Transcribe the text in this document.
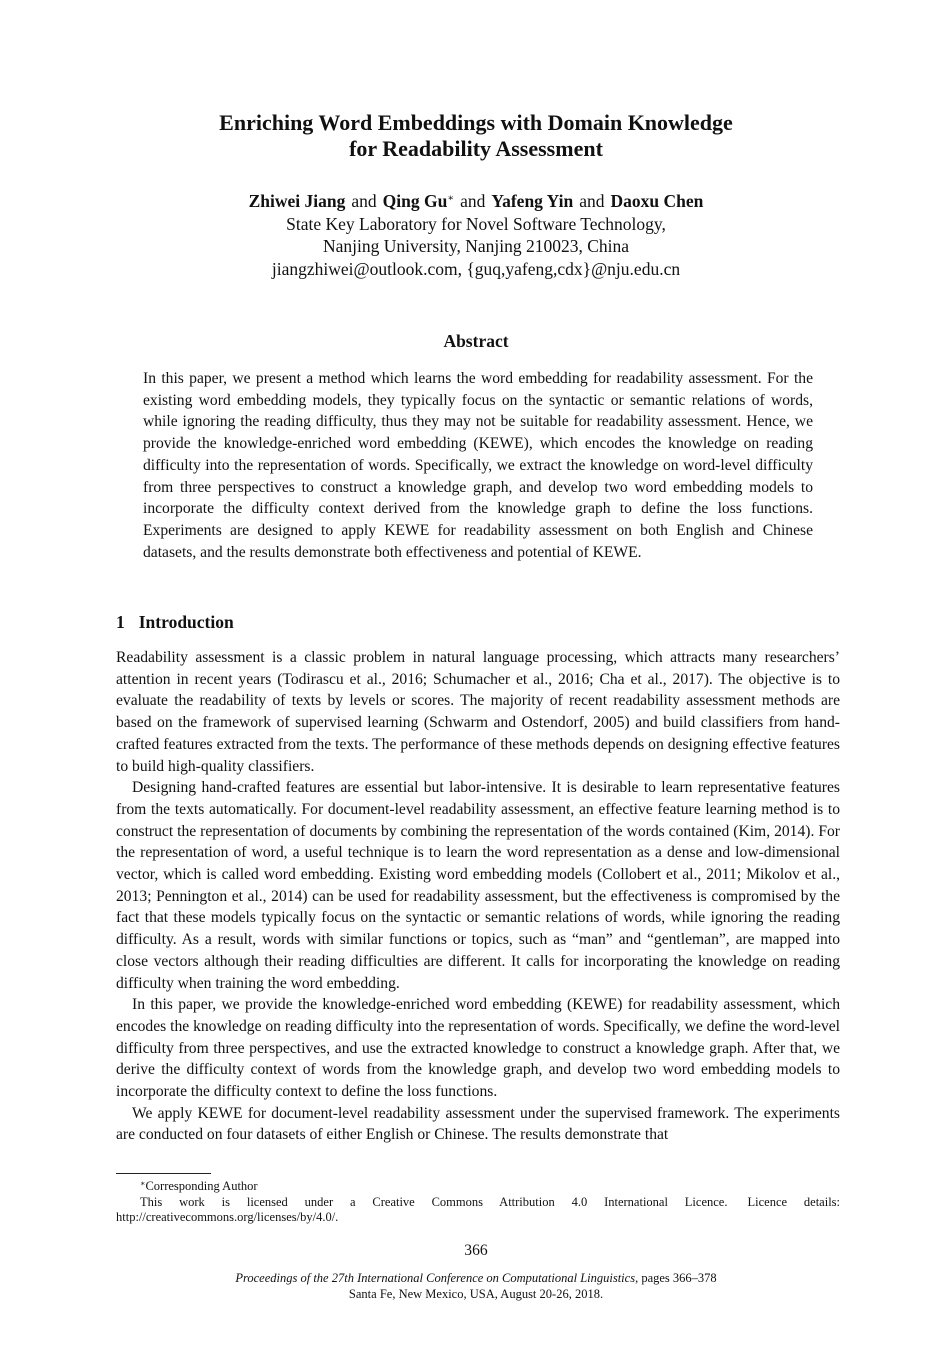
Enriching Word Embeddings with Domain Knowledge
for Readability Assessment
Zhiwei Jiang and Qing Gu∗ and Yafeng Yin and Daoxu Chen
State Key Laboratory for Novel Software Technology,
Nanjing University, Nanjing 210023, China
jiangzhiwei@outlook.com, {guq,yafeng,cdx}@nju.edu.cn
Abstract
In this paper, we present a method which learns the word embedding for readability assessment. For the existing word embedding models, they typically focus on the syntactic or semantic relations of words, while ignoring the reading difficulty, thus they may not be suitable for readability assessment. Hence, we provide the knowledge-enriched word embedding (KEWE), which encodes the knowledge on reading difficulty into the representation of words. Specifically, we extract the knowledge on word-level difficulty from three perspectives to construct a knowledge graph, and develop two word embedding models to incorporate the difficulty context derived from the knowledge graph to define the loss functions. Experiments are designed to apply KEWE for readability assessment on both English and Chinese datasets, and the results demonstrate both effectiveness and potential of KEWE.
1 Introduction

Readability assessment is a classic problem in natural language processing, which attracts many researchers’ attention in recent years (Todirascu et al., 2016; Schumacher et al., 2016; Cha et al., 2017). The objective is to evaluate the readability of texts by levels or scores. The majority of recent readability assessment methods are based on the framework of supervised learning (Schwarm and Ostendorf, 2005) and build classifiers from hand-crafted features extracted from the texts. The performance of these methods depends on designing effective features to build high-quality classifiers.

Designing hand-crafted features are essential but labor-intensive. It is desirable to learn representative features from the texts automatically. For document-level readability assessment, an effective feature learning method is to construct the representation of documents by combining the representation of the words contained (Kim, 2014). For the representation of word, a useful technique is to learn the word representation as a dense and low-dimensional vector, which is called word embedding. Existing word embedding models (Collobert et al., 2011; Mikolov et al., 2013; Pennington et al., 2014) can be used for readability assessment, but the effectiveness is compromised by the fact that these models typically focus on the syntactic or semantic relations of words, while ignoring the reading difficulty. As a result, words with similar functions or topics, such as “man” and “gentleman”, are mapped into close vectors although their reading difficulties are different. It calls for incorporating the knowledge on reading difficulty when training the word embedding.

In this paper, we provide the knowledge-enriched word embedding (KEWE) for readability assessment, which encodes the knowledge on reading difficulty into the representation of words. Specifically, we define the word-level difficulty from three perspectives, and use the extracted knowledge to construct a knowledge graph. After that, we derive the difficulty context of words from the knowledge graph, and develop two word embedding models to incorporate the difficulty context to define the loss functions.

We apply KEWE for document-level readability assessment under the supervised framework. The experiments are conducted on four datasets of either English or Chinese. The results demonstrate that

∗Corresponding Author

This work is licensed under a Creative Commons Attribution 4.0 International Licence. Licence details: http://creativecommons.org/licenses/by/4.0/.

366
Proceedings of the 27th International Conference on Computational Linguistics, pages 366–378
Santa Fe, New Mexico, USA, August 20-26, 2018.
